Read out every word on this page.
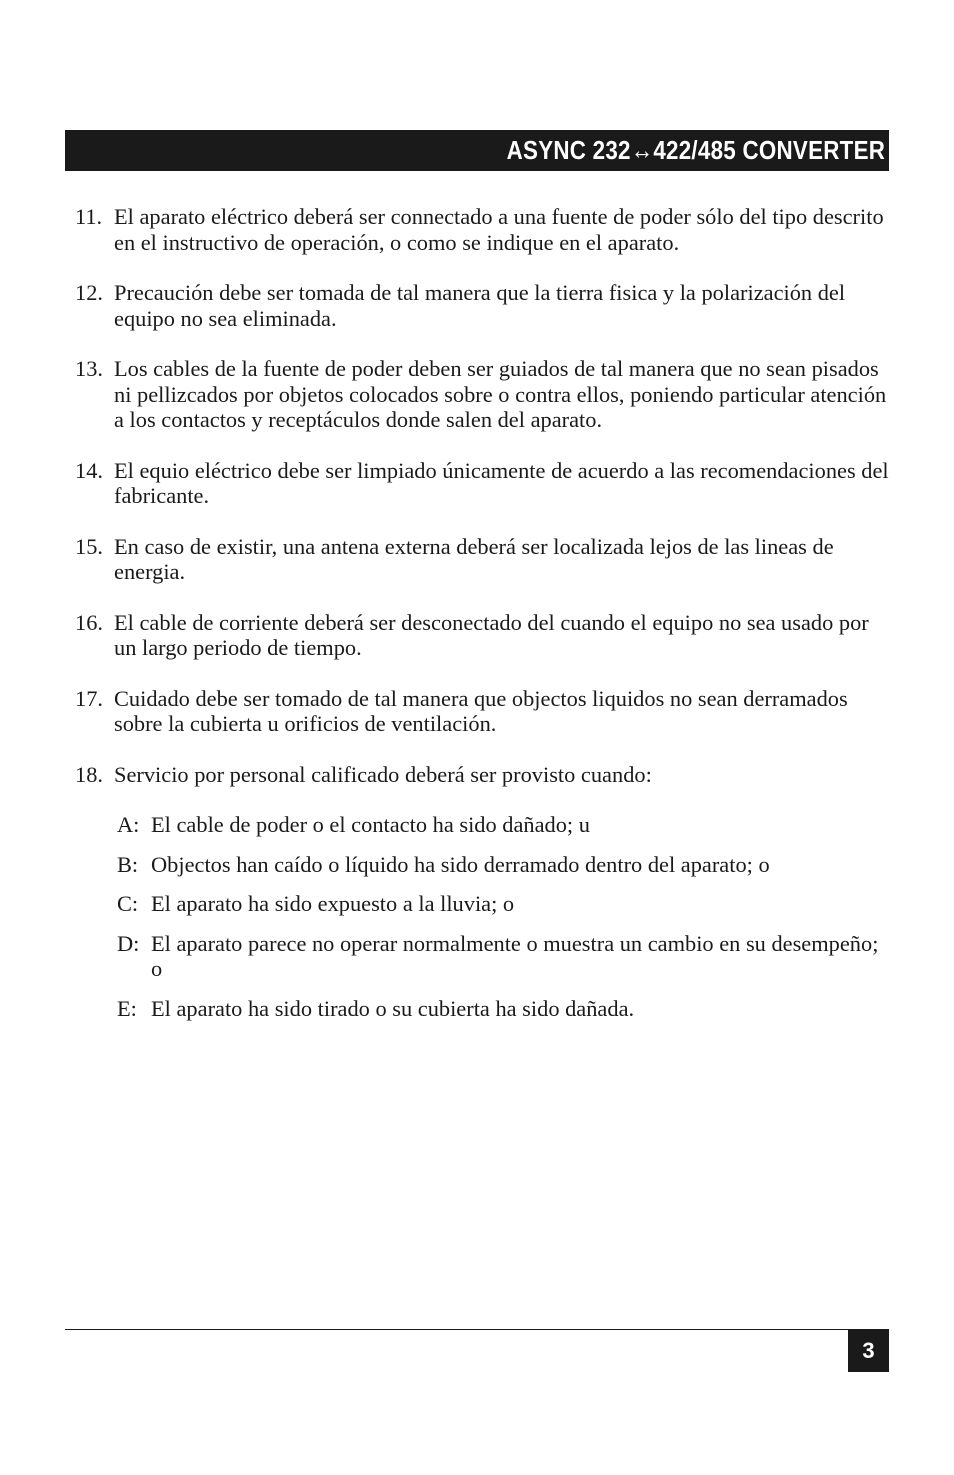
ASYNC 232↔422/485 CONVERTER
11. El aparato eléctrico deberá ser connectado a una fuente de poder sólo del tipo descrito en el instructivo de operación, o como se indique en el aparato.
12. Precaución debe ser tomada de tal manera que la tierra fisica y la polarización del equipo no sea eliminada.
13. Los cables de la fuente de poder deben ser guiados de tal manera que no sean pisados ni pellizcados por objetos colocados sobre o contra ellos, poniendo particular atención a los contactos y receptáculos donde salen del aparato.
14. El equio eléctrico debe ser limpiado únicamente de acuerdo a las recomendaciones del fabricante.
15. En caso de existir, una antena externa deberá ser localizada lejos de las lineas de energia.
16. El cable de corriente deberá ser desconectado del cuando el equipo no sea usado por un largo periodo de tiempo.
17. Cuidado debe ser tomado de tal manera que objectos liquidos no sean derramados sobre la cubierta u orificios de ventilación.
18. Servicio por personal calificado deberá ser provisto cuando:
A: El cable de poder o el contacto ha sido dañado; u
B: Objectos han caído o líquido ha sido derramado dentro del aparato; o
C: El aparato ha sido expuesto a la lluvia; o
D: El aparato parece no operar normalmente o muestra un cambio en su desempeño; o
E: El aparato ha sido tirado o su cubierta ha sido dañada.
3
